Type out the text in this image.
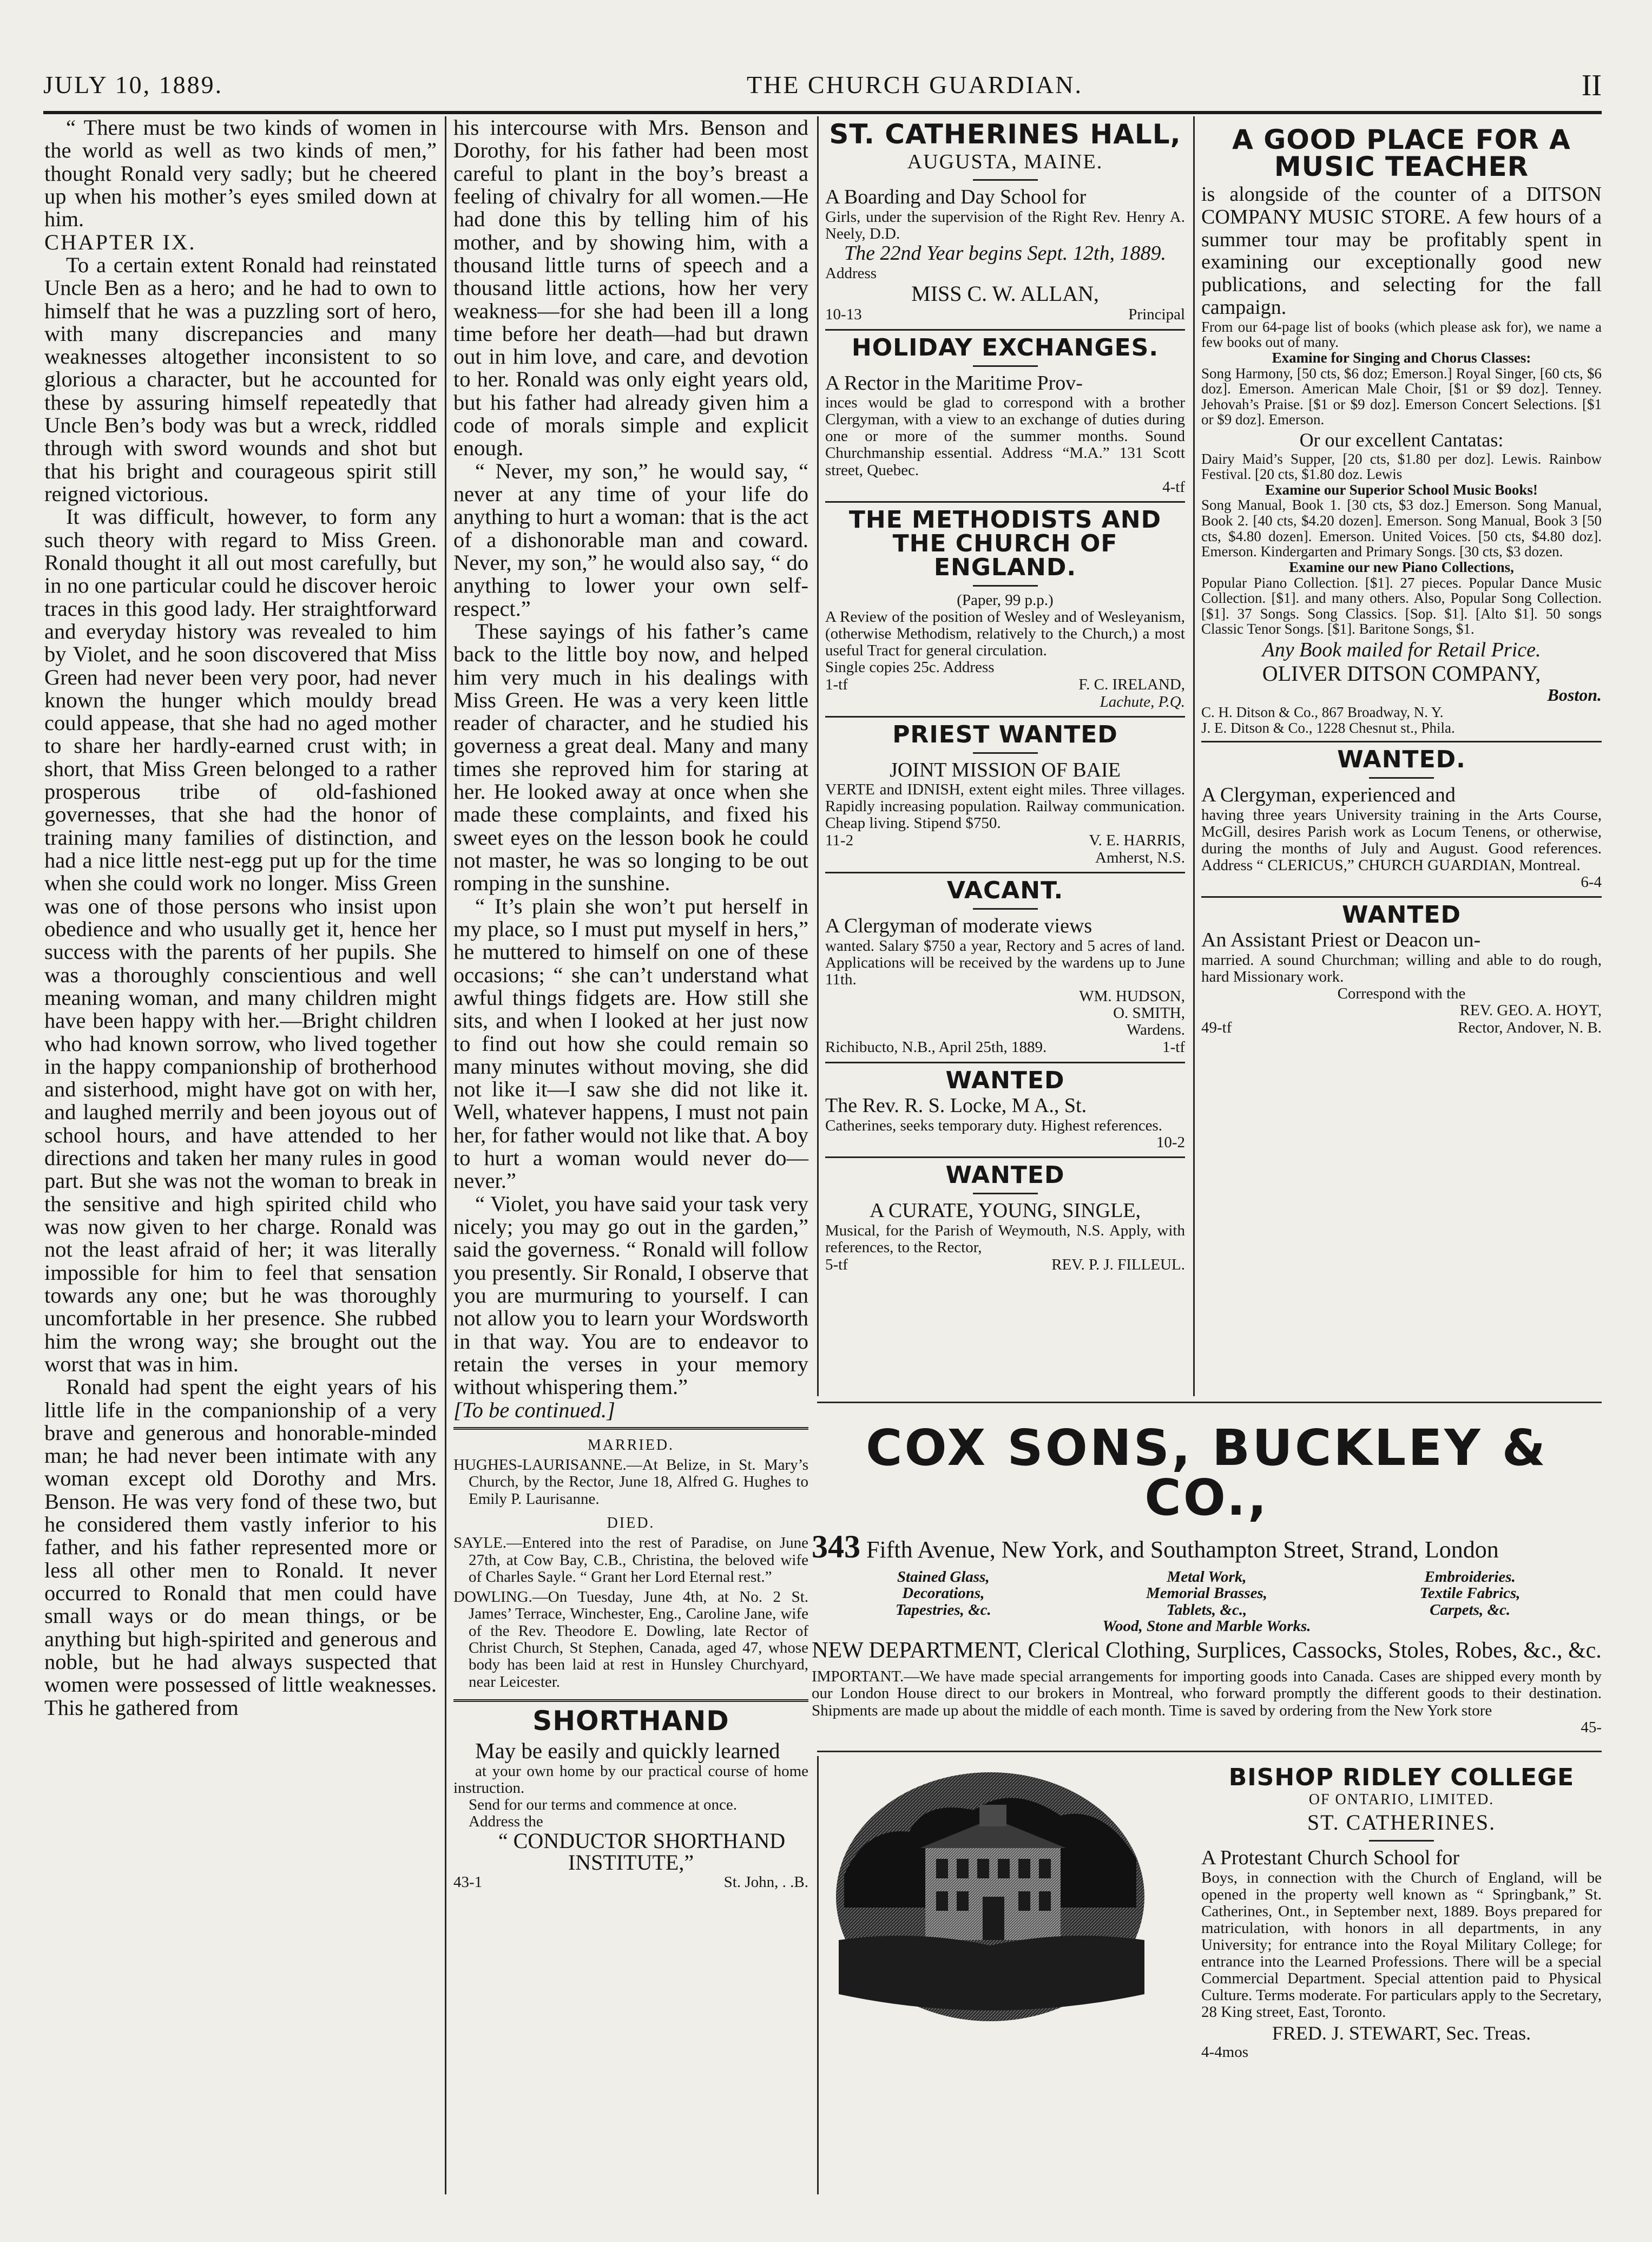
JULY 10, 1889.	THE CHURCH GUARDIAN.	II

“ There must be two kinds of women in the world as well as two kinds of men,” thought Ronald very sadly; but he cheered up when his mother’s eyes smiled down at him.

CHAPTER IX.

To a certain extent Ronald had reinstated Uncle Ben as a hero; and he had to own to himself that he was a puzzling sort of hero, with many discrepancies and many weaknesses altogether inconsistent to so glorious a character, but he accounted for these by assuring himself repeatedly that Uncle Ben’s body was but a wreck, riddled through with sword wounds and shot but that his bright and courageous spirit still reigned victorious.

It was difficult, however, to form any such theory with regard to Miss Green. Ronald thought it all out most carefully, but in no one particular could he discover heroic traces in this good lady. Her straightforward and everyday history was revealed to him by Violet, and he soon discovered that Miss Green had never been very poor, had never known the hunger which mouldy bread could appease, that she had no aged mother to share her hardly-earned crust with; in short, that Miss Green belonged to a rather prosperous tribe of old-fashioned governesses, that she had the honor of training many families of distinction, and had a nice little nest-egg put up for the time when she could work no longer. Miss Green was one of those persons who insist upon obedience and who usually get it, hence her success with the parents of her pupils. She was a thoroughly conscientious and well meaning woman, and many children might have been happy with her.—Bright children who had known sorrow, who lived together in the happy companionship of brotherhood and sisterhood, might have got on with her, and laughed merrily and been joyous out of school hours, and have attended to her directions and taken her many rules in good part. But she was not the woman to break in the sensitive and high spirited child who was now given to her charge. Ronald was not the least afraid of her; it was literally impossible for him to feel that sensation towards any one; but he was thoroughly uncomfortable in her presence. She rubbed him the wrong way; she brought out the worst that was in him.

Ronald had spent the eight years of his little life in the companionship of a very brave and generous and honorable-minded man; he had never been intimate with any woman except old Dorothy and Mrs. Benson. He was very fond of these two, but he considered them vastly inferior to his father, and his father represented more or less all other men to Ronald. It never occurred to Ronald that men could have small ways or do mean things, or be anything but high-spirited and generous and noble, but he had always suspected that women were possessed of little weaknesses. This he gathered from

his intercourse with Mrs. Benson and Dorothy, for his father had been most careful to plant in the boy’s breast a feeling of chivalry for all women.—He had done this by telling him of his mother, and by showing him, with a thousand little turns of speech and a thousand little actions, how her very weakness—for she had been ill a long time before her death—had but drawn out in him love, and care, and devotion to her. Ronald was only eight years old, but his father had already given him a code of morals simple and explicit enough.

“ Never, my son,” he would say, “ never at any time of your life do anything to hurt a woman: that is the act of a dishonorable man and coward. Never, my son,” he would also say, “ do anything to lower your own self-respect.”

These sayings of his father’s came back to the little boy now, and helped him very much in his dealings with Miss Green. He was a very keen little reader of character, and he studied his governess a great deal. Many and many times she reproved him for staring at her. He looked away at once when she made these complaints, and fixed his sweet eyes on the lesson book he could not master, he was so longing to be out romping in the sunshine.

“ It’s plain she won’t put herself in my place, so I must put myself in hers,” he muttered to himself on one of these occasions; “ she can’t understand what awful things fidgets are. How still she sits, and when I looked at her just now to find out how she could remain so many minutes without moving, she did not like it—I saw she did not like it. Well, whatever happens, I must not pain her, for father would not like that. A boy to hurt a woman would never do—never.”

“ Violet, you have said your task very nicely; you may go out in the garden,” said the governess. “ Ronald will follow you presently. Sir Ronald, I observe that you are murmuring to yourself. I can not allow you to learn your Wordsworth in that way. You are to endeavor to retain the verses in your memory without whispering them.”

[To be continued.]

MARRIED.

HUGHES-LAURISANNE.—At Belize, in St. Mary’s Church, by the Rector, June 18, Alfred G. Hughes to Emily P. Laurisanne.

DIED.

SAYLE.—Entered into the rest of Paradise, on June 27th, at Cow Bay, C.B., Christina, the beloved wife of Charles Sayle. “ Grant her Lord Eternal rest.”

DOWLING.—On Tuesday, June 4th, at No. 2 St. James’ Terrace, Winchester, Eng., Caroline Jane, wife of the Rev. Theodore E. Dowling, late Rector of Christ Church, St Stephen, Canada, aged 47, whose body has been laid at rest in Hunsley Churchyard, near Leicester.

SHORTHAND

May be easily and quickly learned

at your own home by our practical course of home instruction.

Send for our terms and commence at once.

Address the

“ CONDUCTOR SHORTHAND INSTITUTE,”

43-1	St. John, . .B.
ST. CATHERINES HALL,
AUGUSTA, MAINE.

A Boarding and Day School for

Girls, under the supervision of the Right Rev. Henry A. Neely, D.D.

The 22nd Year begins Sept. 12th, 1889.

Address

MISS C. W. ALLAN,

10-13	Principal
HOLIDAY EXCHANGES.

A Rector in the Maritime Prov-

inces would be glad to correspond with a brother Clergyman, with a view to an exchange of duties during one or more of the summer months. Sound Churchmanship essential. Address “M.A.” 131 Scott street, Quebec.

4-tf

THE METHODISTS AND THE CHURCH OF ENGLAND.

(Paper, 99 p.p.)

A Review of the position of Wesley and of Wesleyanism, (otherwise Methodism, relatively to the Church,) a most useful Tract for general circulation.

Single copies 25c. Address

1-tf	F. C. IRELAND,

Lachute, P.Q.

PRIEST WANTED

JOINT MISSION OF BAIE

VERTE and IDNISH, extent eight miles. Three villages. Rapidly increasing population. Railway communication. Cheap living. Stipend $750.

11-2	V. E. HARRIS,

Amherst, N.S.

VACANT.

A Clergyman of moderate views

wanted. Salary $750 a year, Rectory and 5 acres of land. Applications will be received by the wardens up to June 11th.

WM. HUDSON,

O. SMITH,

Wardens.

Richibucto, N.B., April 25th, 1889.	1-tf
WANTED

The Rev. R. S. Locke, M A., St.

Catherines, seeks temporary duty. Highest references.

10-2

WANTED

A CURATE, YOUNG, SINGLE,

Musical, for the Parish of Weymouth, N.S. Apply, with references, to the Rector,

5-tf	REV. P. J. FILLEUL.
A GOOD PLACE FOR A MUSIC TEACHER

is alongside of the counter of a DITSON COMPANY MUSIC STORE. A few hours of a summer tour may be profitably spent in examining our exceptionally good new publications, and selecting for the fall campaign.

From our 64-page list of books (which please ask for), we name a few books out of many.

Examine for Singing and Chorus Classes:

Song Harmony, [50 cts, $6 doz; Emerson.] Royal Singer, [60 cts, $6 doz]. Emerson. American Male Choir, [$1 or $9 doz]. Tenney. Jehovah’s Praise. [$1 or $9 doz]. Emerson Concert Selections. [$1 or $9 doz]. Emerson.

Or our excellent Cantatas:

Dairy Maid’s Supper, [20 cts, $1.80 per doz]. Lewis. Rainbow Festival. [20 cts, $1.80 doz. Lewis

Examine our Superior School Music Books!

Song Manual, Book 1. [30 cts, $3 doz.] Emerson. Song Manual, Book 2. [40 cts, $4.20 dozen]. Emerson. Song Manual, Book 3 [50 cts, $4.80 dozen]. Emerson. United Voices. [50 cts, $4.80 doz]. Emerson. Kindergarten and Primary Songs. [30 cts, $3 dozen.

Examine our new Piano Collections,

Popular Piano Collection. [$1]. 27 pieces. Popular Dance Music Collection. [$1]. and many others. Also, Popular Song Collection. [$1]. 37 Songs. Song Classics. [Sop. $1]. [Alto $1]. 50 songs Classic Tenor Songs. [$1]. Baritone Songs, $1.

Any Book mailed for Retail Price.

OLIVER DITSON COMPANY,

Boston.

C. H. Ditson & Co., 867 Broadway, N. Y.

J. E. Ditson & Co., 1228 Chesnut st., Phila.

WANTED.

A Clergyman, experienced and

having three years University training in the Arts Course, McGill, desires Parish work as Locum Tenens, or otherwise, during the months of July and August. Good references. Address “ CLERICUS,” CHURCH GUARDIAN, Montreal.

6-4

WANTED

An Assistant Priest or Deacon un-

married. A sound Churchman; willing and able to do rough, hard Missionary work.

Correspond with the

REV. GEO. A. HOYT,

49-tf	Rector, Andover, N. B.
COX SONS, BUCKLEY & CO.,
343 Fifth Avenue, New York, and Southampton Street, Strand, London
Stained Glass,	Metal Work,	Embroideries.
Decorations,	Memorial Brasses,	Textile Fabrics,
Tapestries, &c.	Tablets, &c.,	Carpets, &c.
Wood, Stone and Marble Works.
NEW DEPARTMENT, Clerical Clothing, Surplices, Cassocks, Stoles, Robes, &c., &c.
IMPORTANT.—We have made special arrangements for importing goods into Canada. Cases are shipped every month by our London House direct to our brokers in Montreal, who forward promptly the different goods to their destination. Shipments are made up about the middle of each month. Time is saved by ordering from the New York store
45-
BISHOP RIDLEY COLLEGE

OF ONTARIO, LIMITED.

ST. CATHERINES.

A Protestant Church School for

Boys, in connection with the Church of England, will be opened in the property well known as “ Springbank,” St. Catherines, Ont., in September next, 1889. Boys prepared for matriculation, with honors in all departments, in any University; for entrance into the Royal Military College; for entrance into the Learned Professions. There will be a special Commercial Department. Special attention paid to Physical Culture. Terms moderate. For particulars apply to the Secretary, 28 King street, East, Toronto.

FRED. J. STEWART, Sec. Treas.

4-4mos
